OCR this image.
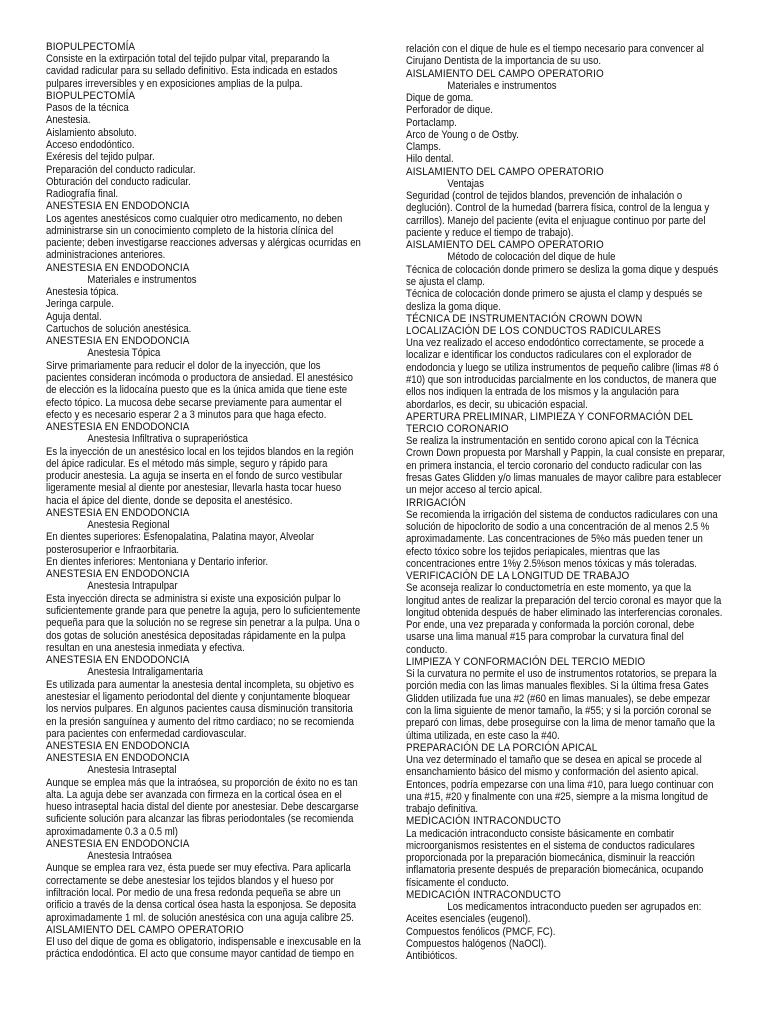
BIOPULPECTOMÍA
Consiste en la extirpación total del tejido pulpar vital, preparando la cavidad radicular para su sellado definitivo. Esta indicada en estados pulpares irreversibles y en exposiciones amplias de la pulpa.
BIOPULPECTOMÍA
Pasos de la técnica
Anestesia.
Aislamiento absoluto.
Acceso endodóntico.
Exéresis del tejido pulpar.
Preparación del conducto radicular.
Obturación del conducto radicular.
Radiografía final.
ANESTESIA EN ENDODONCIA
Los agentes anestésicos como cualquier otro medicamento, no deben administrarse sin un conocimiento completo de la historia clínica del paciente; deben investigarse reacciones adversas y alérgicas ocurridas en administraciones anteriores.
ANESTESIA EN ENDODONCIA
Materiales e instrumentos
Anestesia tópica.
Jeringa carpule.
Aguja dental.
Cartuchos de solución anestésica.
ANESTESIA EN ENDODONCIA
Anestesia Tópica
Sirve primariamente para reducir el dolor de la inyección, que los pacientes consideran incómoda o productora de ansiedad. El anestésico de elección es la lidocaína puesto que es la única amida que tiene este efecto tópico. La mucosa debe secarse previamente para aumentar el efecto y es necesario esperar 2 a 3 minutos para que haga efecto.
ANESTESIA EN ENDODONCIA
Anestesia Infiltrativa o supraperióstica
Es la inyección de un anestésico local en los tejidos blandos en la región del ápice radicular. Es el método más simple, seguro y rápido para producir anestesia. La aguja se inserta en el fondo de surco vestibular ligeramente mesial al diente por anestesiar, llevarla hasta tocar hueso hacia el ápice del diente, donde se deposita el anestésico.
ANESTESIA EN ENDODONCIA
Anestesia Regional
En dientes superiores: Esfenopalatina, Palatina mayor, Alveolar posterosuperior e Infraorbitaria.
En dientes inferiores: Mentoniana y Dentario inferior.
ANESTESIA EN ENDODONCIA
Anestesia Intrapulpar
Esta inyección directa se administra si existe una exposición pulpar lo suficientemente grande para que penetre la aguja, pero lo suficientemente pequeña para que la solución no se regrese sin penetrar a la pulpa. Una o dos gotas de solución anestésica depositadas rápidamente en la pulpa resultan en una anestesia inmediata y efectiva.
ANESTESIA EN ENDODONCIA
Anestesia Intraligamentaria
Es utilizada para aumentar la anestesia dental incompleta, su objetivo es anestesiar el ligamento periodontal del diente y conjuntamente bloquear los nervios pulpares. En algunos pacientes causa disminución transitoria en la presión sanguínea y aumento del ritmo cardiaco; no se recomienda para pacientes con enfermedad cardiovascular.
ANESTESIA EN ENDODONCIA
ANESTESIA EN ENDODONCIA
Anestesia Intraseptal
Aunque se emplea más que la intraósea, su proporción de éxito no es tan alta. La aguja debe ser avanzada con firmeza en la cortical ósea en el hueso intraseptal hacia distal del diente por anestesiar. Debe descargarse suficiente solución para alcanzar las fibras periodontales (se recomienda aproximadamente 0.3 a 0.5 ml)
ANESTESIA EN ENDODONCIA
Anestesia Intraósea
Aunque se emplea rara vez, ésta puede ser muy efectiva. Para aplicarla correctamente se debe anestesiar los tejidos blandos y el hueso por infiltración local. Por medio de una fresa redonda pequeña se abre un orificio a través de la densa cortical ósea hasta la esponjosa. Se deposita aproximadamente 1 ml. de solución anestésica con una aguja calibre 25.
AISLAMIENTO DEL CAMPO OPERATORIO
El uso del dique de goma es obligatorio, indispensable e inexcusable en la práctica endodóntica. El acto que consume mayor cantidad de tiempo en
relación con el dique de hule es el tiempo necesario para convencer al Cirujano Dentista de la importancia de su uso.
AISLAMIENTO DEL CAMPO OPERATORIO
Materiales e instrumentos
Dique de goma.
Perforador de dique.
Portaclamp.
Arco de Young o de Ostby.
Clamps.
Hilo dental.
AISLAMIENTO DEL CAMPO OPERATORIO
Ventajas
Seguridad (control de tejidos blandos, prevención de inhalación o deglución). Control de la humedad (barrera física, control de la lengua y carrillos). Manejo del paciente (evita el enjuague continuo por parte del paciente y reduce el tiempo de trabajo).
AISLAMIENTO DEL CAMPO OPERATORIO
Método de colocación del dique de hule
Técnica de colocación donde primero se desliza la goma dique y después se ajusta el clamp.
Técnica de colocación donde primero se ajusta el clamp y después se desliza la goma dique.
TÉCNICA DE INSTRUMENTACIÓN CROWN DOWN
LOCALIZACIÓN DE LOS CONDUCTOS RADICULARES
Una vez realizado el acceso endodóntico correctamente, se procede a localizar e identificar los conductos radiculares con el explorador de endodoncia y luego se utiliza instrumentos de pequeño calibre (limas #8 ó #10) que son introducidas parcialmente en los conductos, de manera que ellos nos indiquen la entrada de los mismos y la angulación para abordarlos, es decir, su ubicación espacial.
APERTURA PRELIMINAR, LIMPIEZA Y CONFORMACIÓN DEL TERCIO CORONARIO
Se realiza la instrumentación en sentido corono apical con la Técnica Crown Down propuesta por Marshall y Pappin, la cual consiste en preparar, en primera instancia, el tercio coronario del conducto radicular con las fresas Gates Glidden y/o limas manuales de mayor calibre para establecer un mejor acceso al tercio apical.
IRRIGACIÓN
Se recomienda la irrigación del sistema de conductos radiculares con una solución de hipoclorito de sodio a una concentración de al menos 2.5 % aproximadamente. Las concentraciones de 5%o más pueden tener un efecto tóxico sobre los tejidos periapicales, mientras que las concentraciones entre 1%y 2.5%son menos tóxicas y más toleradas.
VERIFICACIÓN DE LA LONGITUD DE TRABAJO
Se aconseja realizar lo conductometría en este momento, ya que la longitud antes de realizar la preparación del tercio coronal es mayor que la longitud obtenida después de haber eliminado las interferencias coronales. Por ende, una vez preparada y conformada la porción coronal, debe usarse una lima manual #15 para comprobar la curvatura final del conducto.
LIMPIEZA Y CONFORMACIÓN DEL TERCIO MEDIO
Si la curvatura no permite el uso de instrumentos rotatorios, se prepara la porción media con las limas manuales flexibles. Si la última fresa Gates Glidden utilizada fue una #2 (#60 en limas manuales), se debe empezar con la lima siguiente de menor tamaño, la #55; y si la porción coronal se preparó con limas, debe proseguirse con la lima de menor tamaño que la última utilizada, en este caso la #40.
PREPARACIÓN DE LA PORCIÓN APICAL
Una vez determinado el tamaño que se desea en apical se procede al ensanchamiento básico del mismo y conformación del asiento apical. Entonces, podría empezarse con una lima #10, para luego continuar con una #15, #20 y finalmente con una #25, siempre a la misma longitud de trabajo definitiva.
MEDICACIÓN INTRACONDUCTO
La medicación intraconducto consiste básicamente en combatir microorganismos resistentes en el sistema de conductos radiculares proporcionada por la preparación biomecánica, disminuir la reacción inflamatoria presente después de preparación biomecánica, ocupando físicamente el conducto.
MEDICACIÓN INTRACONDUCTO
Los medicamentos intraconducto pueden ser agrupados en:
Aceites esenciales (eugenol).
Compuestos fenólicos (PMCF, FC).
Compuestos halógenos (NaOCl).
Antibióticos.
